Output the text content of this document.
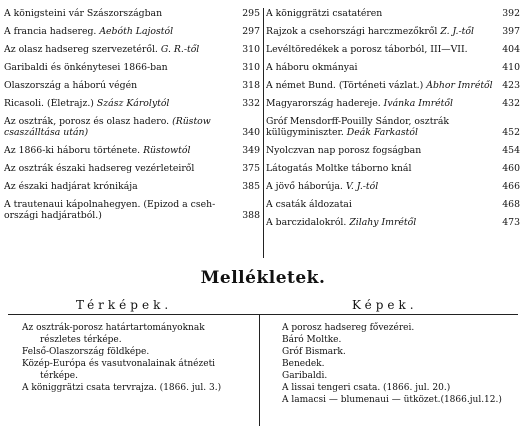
A königsteini vár Szászországban	295
A francia hadsereg. Aebóth Lajostól	297
Az olasz hadsereg szervezetéről. G. R.-től	310
Garibaldi és önkénytesei 1866-ban	310
Olaszország a háború végén	318
Ricasoli. (Életrajz.) Szász Károlytól	332
Az osztrák, porosz és olasz hadero. (Rüstow csaszálltása után)	340
Az 1866-ki háboru története. Rüstowtól	349
Az osztrák északi hadsereg vezérleteiről	375
Az északi hadjárat krónikája	385
A trautenaui kápolnahegyen. (Epizod a cseh-országi hadjáratból.)	388
A königgrätzi csatatéren	392
Rajzok a csehországi harczmezőkről Z. J.-től	397
Levéltöredékek a porosz táborból, III—VII.	404
A háboru okmányai	410
A német Bund. (Történeti vázlat.) Ábhor Imrétől	423
Magyarország hadereje. Ivánka Imrétől	432
Gróf Mensdorff-Pouilly Sándor, osztrák külügyminiszter. Deák Farkastól	452
Nyolczvan nap porosz fogságban	454
Látogatás Moltke táborno knál	460
A jövő háborúja. V. J.-tól	466
A csaták áldozatai	468
A barczidalokról. Zilahy Imrétől	473
Mellékletek.
Térképek.	Képek.
Az osztrák-porosz határtartományoknak
részletes térképe.
Felső-Olaszország földképe.
Közép-Európa és vasutvonalainak átnézeti
térképe.
A königgrätzi csata tervrajza. (1866. jul. 3.)
A porosz hadsereg fővezérei.
Báró Moltke.
Gróf Bismark.
Benedek.
Garibaldi.
A lissai tengeri csata. (1866. jul. 20.)
A lamacsi — blumenaui — ütközet.(1866.jul.12.)
